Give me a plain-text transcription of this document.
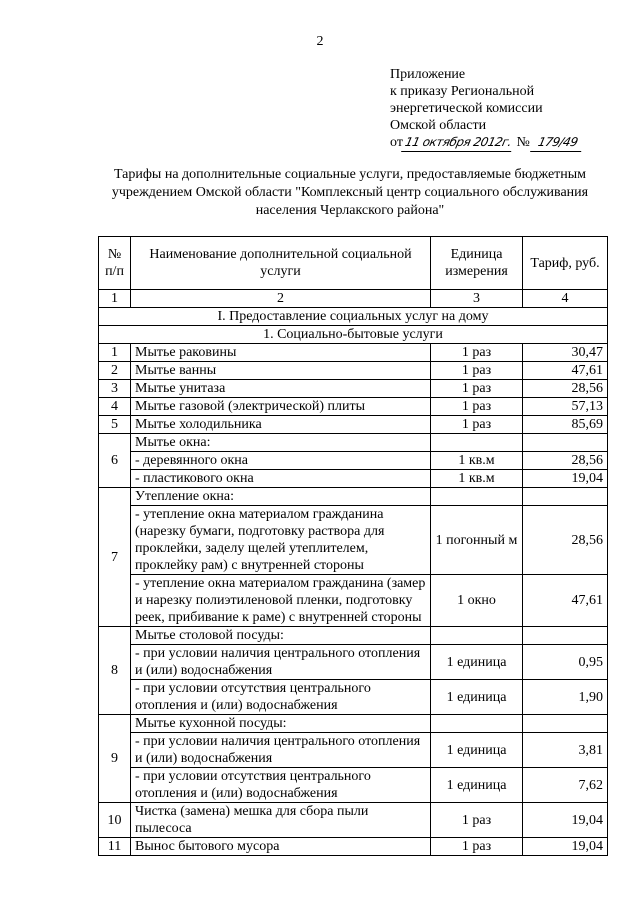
2
Приложение
к приказу Региональной
энергетической комиссии
Омской области
от11 октября 2012г. № 179/49
Тарифы на дополнительные социальные услуги, предоставляемые бюджетным учреждением Омской области "Комплексный центр социального обслуживания населения Черлакского района"
№ п/п	Наименование дополнительной социальной услуги	Единица измерения	Тариф, руб.
1	2	3	4
I. Предоставление социальных услуг на дому			
1. Социально-бытовые услуги			
1	Мытье раковины	1 раз	30,47
2	Мытье ванны	1 раз	47,61
3	Мытье унитаза	1 раз	28,56
4	Мытье газовой (электрической) плиты	1 раз	57,13
5	Мытье холодильника	1 раз	85,69
6	Мытье окна:		
	- деревянного окна	1 кв.м	28,56
	- пластикового окна	1 кв.м	19,04
7	Утепление окна:		
	- утепление окна материалом гражданина (нарезку бумаги, подготовку раствора для проклейки, заделу щелей утеплителем, проклейку рам) с внутренней стороны	1 погонный м	28,56
	- утепление окна материалом гражданина (замер и нарезку полиэтиленовой пленки, подготовку реек, прибивание к раме) с внутренней стороны	1 окно	47,61
8	Мытье столовой посуды:		
	- при условии наличия центрального отопления и (или) водоснабжения	1 единица	0,95
	- при условии отсутствия центрального отопления и (или) водоснабжения	1 единица	1,90
9	Мытье кухонной посуды:		
	- при условии наличия центрального отопления и (или) водоснабжения	1 единица	3,81
	- при условии отсутствия центрального отопления и (или) водоснабжения	1 единица	7,62
10	Чистка (замена) мешка для сбора пыли пылесоса	1 раз	19,04
11	Вынос бытового мусора	1 раз	19,04
